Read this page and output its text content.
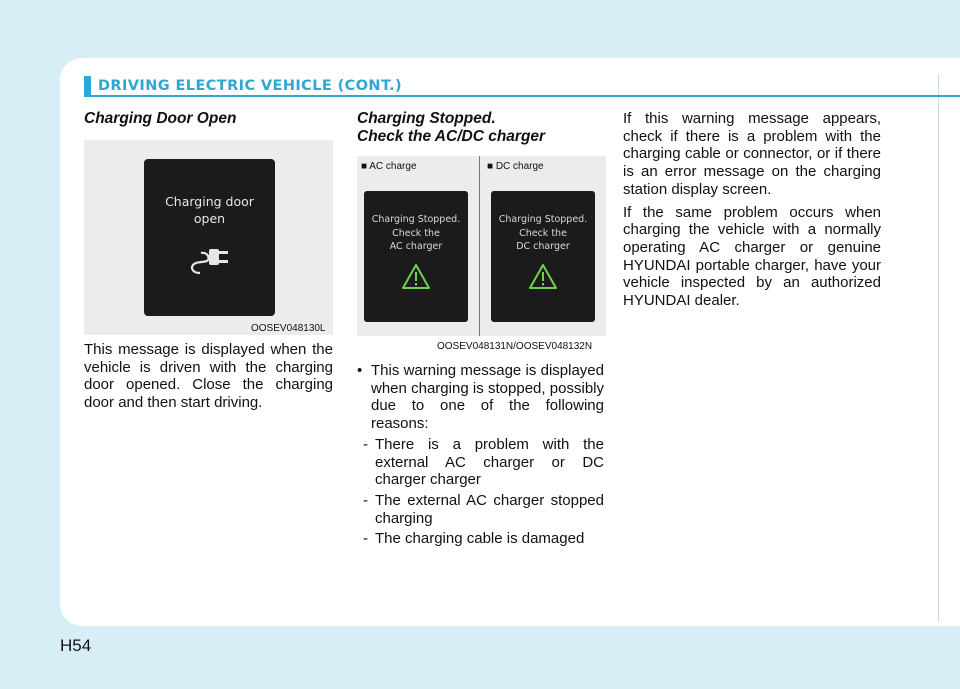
DRIVING ELECTRIC VEHICLE (CONT.)
Charging Door Open
Charging door
open
OOSEV048130L
This message is displayed when the vehicle is driven with the charging door opened. Close the charging door and then start driving.
Charging Stopped.
Check the AC/DC charger
■ AC charge	■ DC charge
Charging Stopped.
Check the
AC charger
Charging Stopped.
Check the
DC charger
OOSEV048131N/OOSEV048132N
• This warning message is displayed when charging is stopped, possibly due to one of the following reasons:
- There is a problem with the external AC charger or DC charger charger
- The external AC charger stopped charging
- The charging cable is damaged

If this warning message appears, check if there is a problem with the charging cable or connector, or if there is an error message on the charging station display screen.

If the same problem occurs when charging the vehicle with a normally operating AC charger or genuine HYUNDAI portable charger, have your vehicle inspected by an authorized HYUNDAI dealer.

H54
